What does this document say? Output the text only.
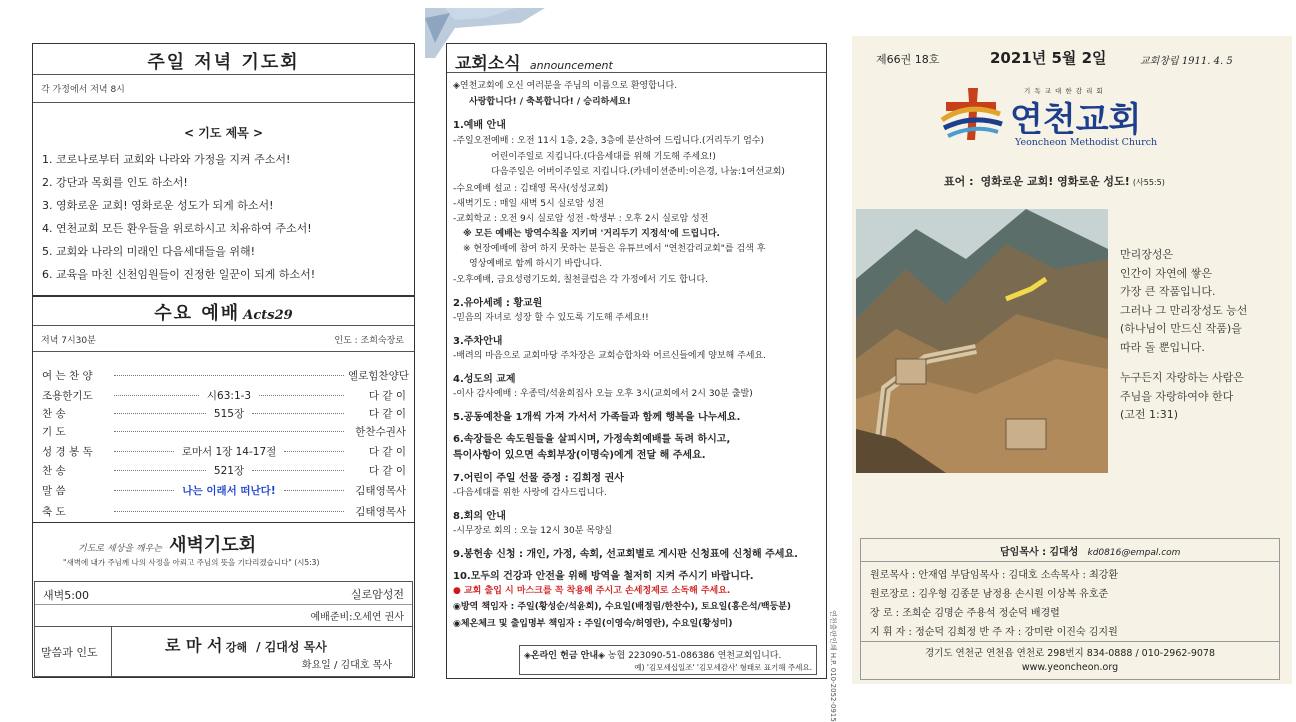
주일 저녁 기도회
각 가정에서 저녁 8시
< 기도 제목 >
1. 코로나로부터 교회와 나라와 가정을 지켜 주소서!
2. 강단과 목회를 인도 하소서!
3. 영화로운 교회! 영화로운 성도가 되게 하소서!
4. 연천교회 모든 환우들을 위로하시고 치유하여 주소서!
5. 교회와 나라의 미래인 다음세대들을 위해!
6. 교육을 마친 신천임원들이 진정한 일꾼이 되게 하소서!
수요 예배 Acts29
저녁 7시30분	인도 : 조희숙장로
여 는 찬 양	엘로힘찬양단
조용한기도	시63:1-3	다 같 이
찬 송	515장	다 같 이
기 도	한찬수권사
성 경 봉 독	로마서 1장 14-17절	다 같 이
찬 송	521장	다 같 이
말 씀	나는 이래서 떠난다!	김태영목사
축 도	김태영목사
기도로 세상을 깨우는 새벽기도회
"새벽에 내가 주님께 나의 사정을 아뢰고 주님의 뜻을 기다리겠습니다" (시5:3)
새벽5:00	실로암성전
예배준비:오세연 권사
말씀과 인도	로 마 서 강해 / 김대성 목사
화요일 / 김대호 목사
교회소식 announcement
◈연천교회에 오신 여러분을 주님의 이름으로 환영합니다.
사랑합니다! / 축복합니다! / 승리하세요!
1.예배 안내
-주일오전예배 : 오전 11시 1층, 2층, 3층에 분산하여 드립니다.(거리두기 엄수)
어린이주일로 지킵니다.(다음세대를 위해 기도해 주세요!)
다음주일은 어버이주일로 지킵니다.(카네이션준비:이은경, 나눔:1여선교회)
-수요예배 설교 : 김태영 목사(성성교회)
-새벽기도 : 매일 새벽 5시 실로암 성전
-교회학교 : 오전 9시 실로암 성전 -학생부 : 오후 2시 실로암 성전
※ 모든 예배는 방역수칙을 지키며 '거리두기 지정석'에 드립니다.
※ 현장예배에 참여 하지 못하는 분들은 유튜브에서 "연천감리교회"를 검색 후
영상예배로 함께 하시기 바랍니다.
-오후예배, 금요성령기도회, 칠천클럽은 각 가정에서 기도 합니다.
2.유아세례 : 황교원
-믿음의 자녀로 성장 할 수 있도록 기도해 주세요!!
3.주차안내
-배려의 마음으로 교회마당 주차장은 교회승합차와 어르신들에게 양보해 주세요.
4.성도의 교제
-이사 감사예배 : 우종덕/석윤희집사 오늘 오후 3시(교회에서 2시 30분 출발)
5.공동예찬을 1개씩 가져 가서서 가족들과 함께 행복을 나누세요.
6.속장들은 속도원들을 살피시며, 가정속회예배를 독려 하시고,
특이사항이 있으면 속회부장(이명숙)에게 전달 해 주세요.
7.어린이 주일 선물 증정 : 김희정 권사
-다음세대를 위한 사랑에 감사드립니다.
8.회의 안내
-시무장로 회의 : 오늘 12시 30분 목양실
9.봉헌송 신청 : 개인, 가정, 속회, 선교회별로 게시판 신청표에 신청해 주세요.
10.모두의 건강과 안전을 위해 방역을 철저히 지켜 주시기 바랍니다.
● 교회 출입 시 마스크를 꼭 착용해 주시고 손세정제로 소독해 주세요.
◉방역 책임자 : 주일(황성순/석윤희), 수요일(배정림/한찬수), 토요일(홍은석/백둥분)
◉체온체크 및 출입명부 책임자 : 주일(이영숙/허영란), 수요일(황성미)
◈온라인 헌금 안내◈ 농협 223090-51-086386 연천교회입니다.
예) '김모세십일조' '김모세감사' 형태로 표기해 주세요. 연천출판인쇄 H.P. 010-2052-0915
제66권 18호	2021년 5월 2일	교회창립 1911. 4. 5
기 독 교 대 한 감 리 회
연천교회
Yeoncheon Methodist Church
표어 : 영화로운 교회! 영화로운 성도! (사55:5)
만리장성은
인간이 자연에 쌓은
가장 큰 작품입니다.
그러나 그 만리장성도 능선
(하나님이 만드신 작품)을
따라 돌 뿐입니다.
누구든지 자랑하는 사람은
주님을 자랑하여야 한다
(고전 1:31)
담임목사 : 김대성 kd0816@empal.com
원로목사 : 안재엽 부담임목사 : 김대호 소속목사 : 최강환
원로장로 : 김우형 김종문 남정용 손시원 이상복 유호준
장 로 : 조희순 김명순 주용석 정순덕 배경렬
지 휘 자 : 정순덕 김희정 반 주 자 : 강미란 이진숙 김지원
경기도 연천군 연천읍 연천로 298번지 834-0888 / 010-2962-9078
www.yeoncheon.org
